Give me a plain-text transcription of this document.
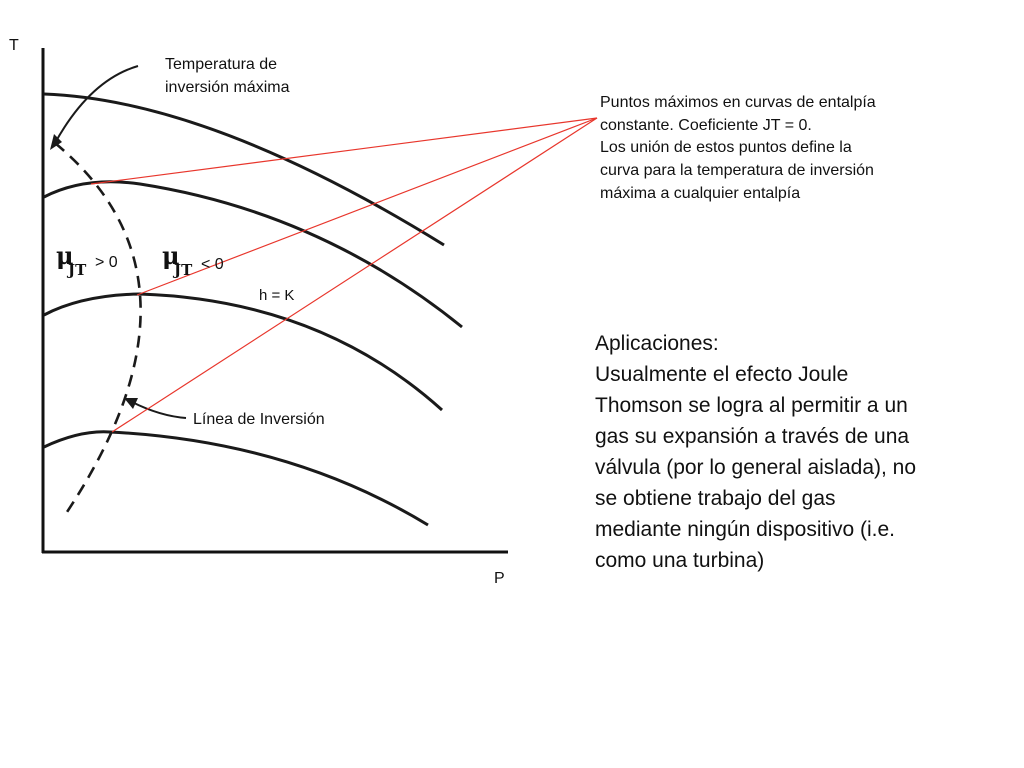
T
P
Temperatura de
inversión máxima
μ
JT > 0 μ
JT < 0
h = K
Línea de Inversión
Puntos máximos en curvas de entalpía
constante. Coeficiente JT = 0.
Los unión de estos puntos define la
curva para la temperatura de inversión
máxima a cualquier entalpía
Aplicaciones:
Usualmente el efecto Joule
Thomson se logra al permitir a un
gas su expansión a través de una
válvula (por lo general aislada), no
se obtiene trabajo del gas
mediante ningún dispositivo (i.e.
como una turbina)
